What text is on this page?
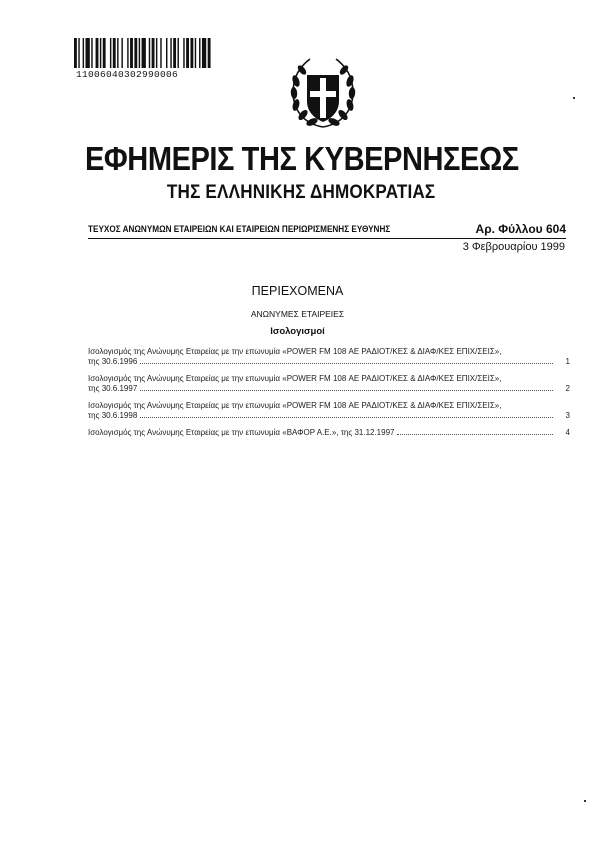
11006040302990006
ΕΦΗΜΕΡΙΣ ΤΗΣ ΚΥΒΕΡΝΗΣΕΩΣ
ΤΗΣ ΕΛΛΗΝΙΚΗΣ ΔΗΜΟΚΡΑΤΙΑΣ
ΤΕΥΧΟΣ ΑΝΩΝΥΜΩΝ ΕΤΑΙΡΕΙΩΝ ΚΑΙ ΕΤΑΙΡΕΙΩΝ ΠΕΡΙΩΡΙΣΜΕΝΗΣ ΕΥΘΥΝΗΣ	Αρ. Φύλλου 604
3 Φεβρουαρίου 1999
ΠΕΡΙΕΧΟΜΕΝΑ
ΑΝΩΝΥΜΕΣ ΕΤΑΙΡΕΙΕΣ
Ισολογισμοί
Ισολογισμός της Ανώνυμης Εταιρείας με την επωνυμία «POWER FM 108 ΑΕ ΡΑΔΙΟΤ/ΚΕΣ & ΔΙΑΦ/ΚΕΣ ΕΠΙΧ/ΣΕΙΣ»,
της 30.6.1996	1
Ισολογισμός της Ανώνυμης Εταιρείας με την επωνυμία «POWER FM 108 ΑΕ ΡΑΔΙΟΤ/ΚΕΣ & ΔΙΑΦ/ΚΕΣ ΕΠΙΧ/ΣΕΙΣ»,
της 30.6.1997	2
Ισολογισμός της Ανώνυμης Εταιρείας με την επωνυμία «POWER FM 108 ΑΕ ΡΑΔΙΟΤ/ΚΕΣ & ΔΙΑΦ/ΚΕΣ ΕΠΙΧ/ΣΕΙΣ»,
της 30.6.1998	3
Ισολογισμός της Ανώνυμης Εταιρείας με την επωνυμία «ΒΑΦΟΡ Α.Ε.», της 31.12.1997	4
